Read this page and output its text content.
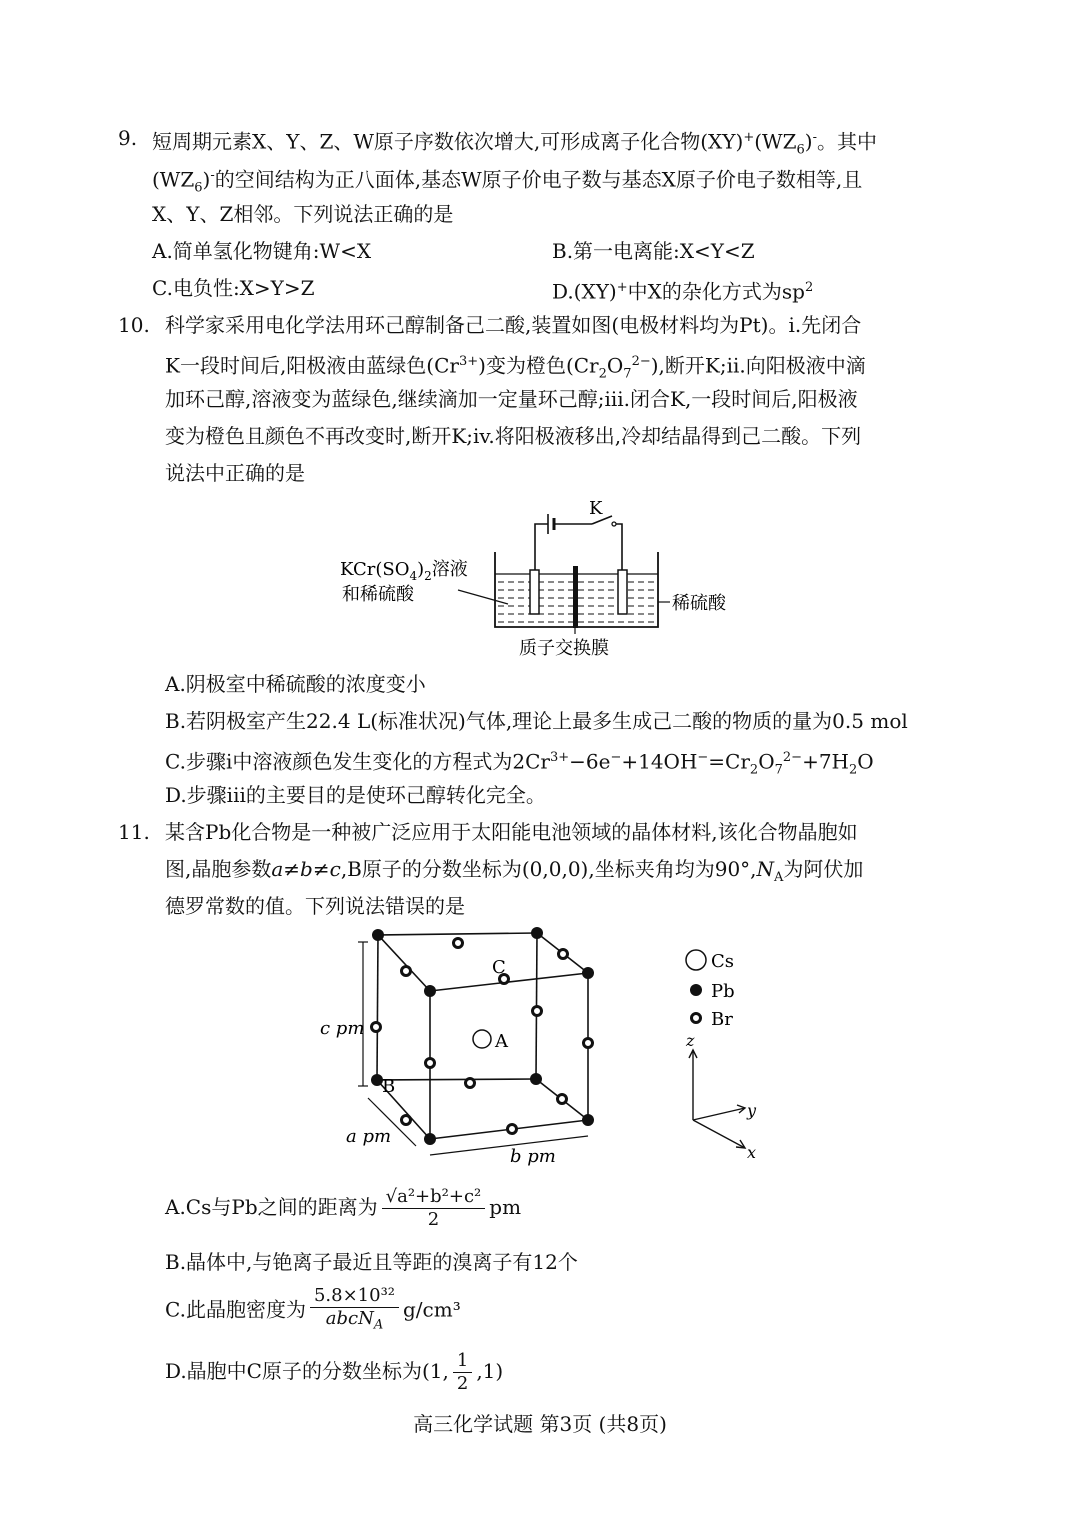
9. 短周期元素X、Y、Z、W原子序数依次增大,可形成离子化合物$(XY)^+(WZ_6)^-$。其中
$(WZ_6)^-$的空间结构为正八面体,基态W原子价电子数与基态X原子价电子数相等,且
X、Y、Z相邻。下列说法正确的是
A.简单氢化物键角:W<X	B.第一电离能:X<Y<Z
C.电负性:X>Y>Z	D.(XY)+中X的杂化方式为$sp^2$
10. 科学家采用电化学法用环己醇制备己二酸,装置如图(电极材料均为Pt)。i.先闭合
K一段时间后,阳极液由蓝绿色$(Cr^{3+})$变为橙色$(Cr_2O_7^{2-})$,断开K;ii.向阳极液中滴
加环己醇,溶液变为蓝绿色,继续滴加一定量环己醇;iii.闭合K,一段时间后,阳极液
变为橙色且颜色不再改变时,断开K;iv.将阳极液移出,冷却结晶得到己二酸。下列
说法中正确的是
K
$KCr(SO_4)_2$溶液
和稀硫酸	稀硫酸
质子交换膜
A.阴极室中稀硫酸的浓度变小
B.若阴极室产生22.4 L(标准状况)气体,理论上最多生成己二酸的物质的量为0.5 mol
C.步骤i中溶液颜色发生变化的方程式为$2Cr^{3+}-6e^-+14OH^-=Cr_2O_7^{2-}+7H_2O$
D.步骤iii的主要目的是使环己醇转化完全。
11. 某含Pb化合物是一种被广泛应用于太阳能电池领域的晶体材料,该化合物晶胞如
图,晶胞参数a≠b≠c,B原子的分数坐标为(0,0,0),坐标夹角均为$90^\circ,N_A$为阿伏加
德罗常数的值。下列说法错误的是
c pm
a pm
b pm
A
B
C	Cs
Pb
Br
z
y
x
A.Cs与Pb之间的距离为 $\frac{\text{√a²+b²+c²}}{2}$ pm
B.晶体中,与铯离子最近且等距的溴离子有12个
C.此晶胞密度为 $\frac{\text{5.8×10³²}}{abcN_A} g/cm^3$
D.晶胞中C原子的分数坐标为(1, $\frac{1}{2} ,1$)
高三化学试题 第3页 (共8页)
